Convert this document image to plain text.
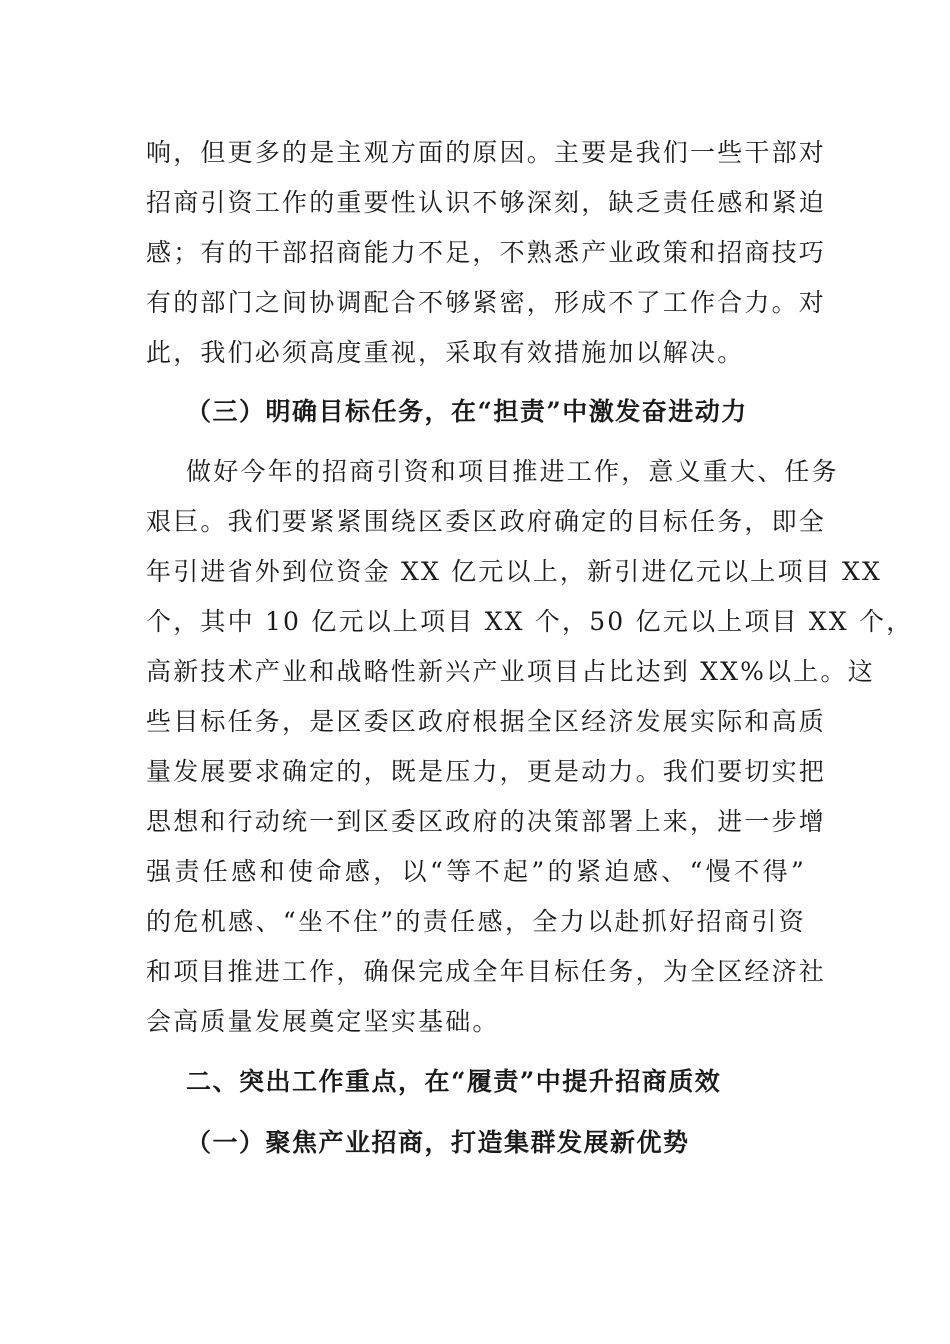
响，但更多的是主观方面的原因。主要是我们一些干部对
招商引资工作的重要性认识不够深刻，缺乏责任感和紧迫
感；有的干部招商能力不足，不熟悉产业政策和招商技巧
有的部门之间协调配合不够紧密，形成不了工作合力。对
此，我们必须高度重视，采取有效措施加以解决。
（三）明确目标任务，在“担责”中激发奋进动力
做好今年的招商引资和项目推进工作，意义重大、任务
艰巨。我们要紧紧围绕区委区政府确定的目标任务，即全
年引进省外到位资金 XX 亿元以上，新引进亿元以上项目 XX
个，其中 10 亿元以上项目 XX 个，50 亿元以上项目 XX 个，
高新技术产业和战略性新兴产业项目占比达到 XX%以上。这
些目标任务，是区委区政府根据全区经济发展实际和高质
量发展要求确定的，既是压力，更是动力。我们要切实把
思想和行动统一到区委区政府的决策部署上来，进一步增
强责任感和使命感，以“等不起”的紧迫感、“慢不得”
的危机感、“坐不住”的责任感，全力以赴抓好招商引资
和项目推进工作，确保完成全年目标任务，为全区经济社
会高质量发展奠定坚实基础。
二、突出工作重点，在“履责”中提升招商质效
（一）聚焦产业招商，打造集群发展新优势
